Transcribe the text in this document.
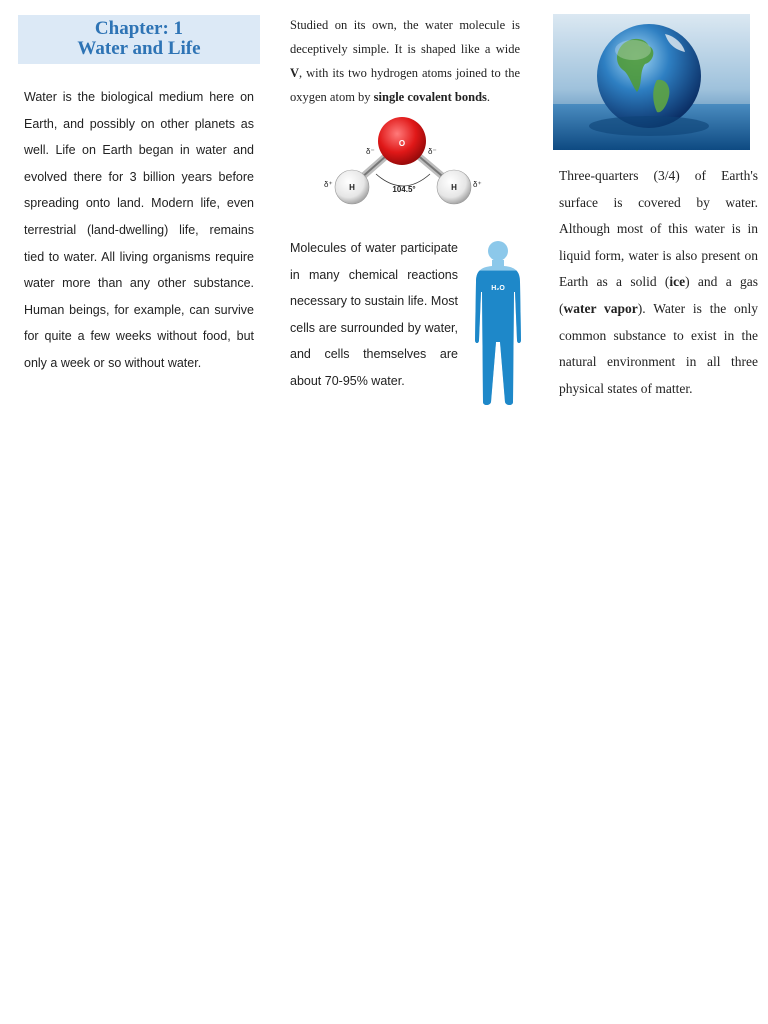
Chapter: 1
Water and Life

Water is the biological medium here on Earth, and possibly on other planets as well. Life on Earth began in water and evolved there for 3 billion years before spreading onto land. Modern life, even terrestrial (land-dwelling) life, remains tied to water. All living organisms require water more than any other substance. Human beings, for example, can survive for quite a few weeks without food, but only a week or so without water.

Studied on its own, the water molecule is deceptively simple. It is shaped like a wide V, with its two hydrogen atoms joined to the oxygen atom by single covalent bonds.

O
H	H
δ⁻	δ⁻
δ⁺	δ⁺
104.5°

Molecules of water participate in many chemical reactions necessary to sustain life. Most cells are surrounded by water, and cells themselves are about 70-95% water.

H₂O

Three-quarters (3/4) of Earth's surface is covered by water. Although most of this water is in liquid form, water is also present on Earth as a solid (ice) and a gas (water vapor). Water is the only common substance to exist in the natural environment in all three physical states of matter.
